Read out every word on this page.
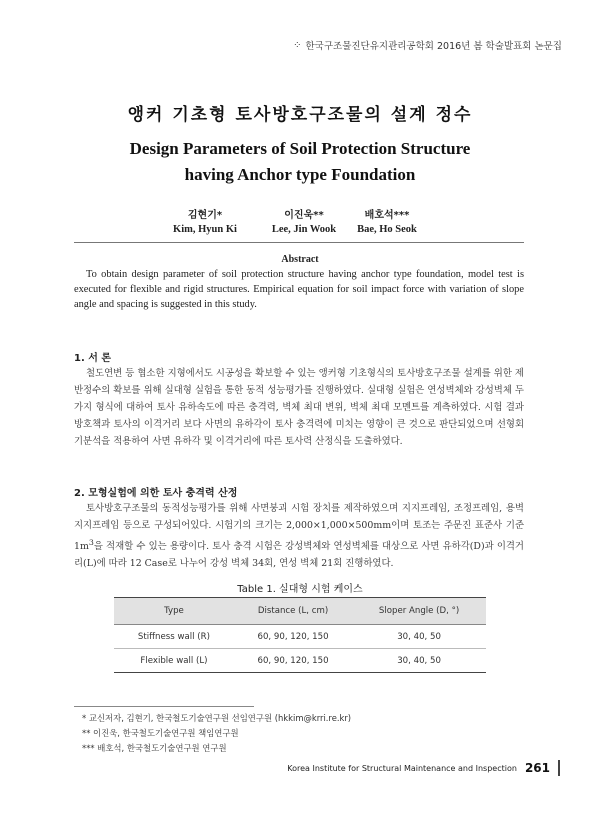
⁘ 한국구조물진단유지관리공학회 2016년 봄 학술발표회 논문집
앵커 기초형 토사방호구조물의 설계 정수
Design Parameters of Soil Protection Structure
having Anchor type Foundation
김현기*
Kim, Hyun Ki
이진욱**
Lee, Jin Wook
배호석***
Bae, Ho Seok
Abstract
To obtain design parameter of soil protection structure having anchor type foundation, model test is executed for flexible and rigid structures. Empirical equation for soil impact force with variation of slope angle and spacing is suggested in this study.
1. 서 론
철도연변 등 협소한 지형에서도 시공성을 확보할 수 있는 앵커형 기초형식의 토사방호구조물 설계를 위한 제반정수의 확보를 위해 실대형 실험을 통한 동적 성능평가를 진행하였다. 실대형 실험은 연성벽체와 강성벽체 두 가지 형식에 대하여 토사 유하속도에 따른 충격력, 벽체 최대 변위, 벽체 최대 모멘트를 계측하였다. 시험 결과 방호책과 토사의 이격거리 보다 사면의 유하각이 토사 충격력에 미치는 영향이 큰 것으로 판단되었으며 선형회기분석을 적용하여 사면 유하각 및 이격거리에 따른 토사력 산정식을 도출하였다.
2. 모형실험에 의한 토사 충격력 산정
토사방호구조물의 동적성능평가를 위해 사면붕괴 시험 장치를 제작하였으며 지지프레임, 조정프레임, 용벽 지지프레임 등으로 구성되어있다. 시험기의 크기는 2,000×1,000×500mm이며 토조는 주문진 표준사 기준 $1m^3$을 적재할 수 있는 용량이다. 토사 충격 시험은 강성벽체와 연성벽체를 대상으로 사면 유하각(D)과 이격거리(L)에 따라 12 Case로 나누어 강성 벽체 34회, 연성 벽체 21회 진행하였다.
Table 1. 실대형 시험 케이스
Type	Distance (L, cm)	Sloper Angle (D, °)
Stiffness wall (R)	60, 90, 120, 150	30, 40, 50
Flexible wall (L)	60, 90, 120, 150	30, 40, 50
* 교신저자, 김현기, 한국철도기술연구원 선임연구원 (hkkim@krri.re.kr)
** 이진욱, 한국철도기술연구원 책임연구원
*** 배호석, 한국철도기술연구원 연구원
Korea Institute for Structural Maintenance and Inspection 261
